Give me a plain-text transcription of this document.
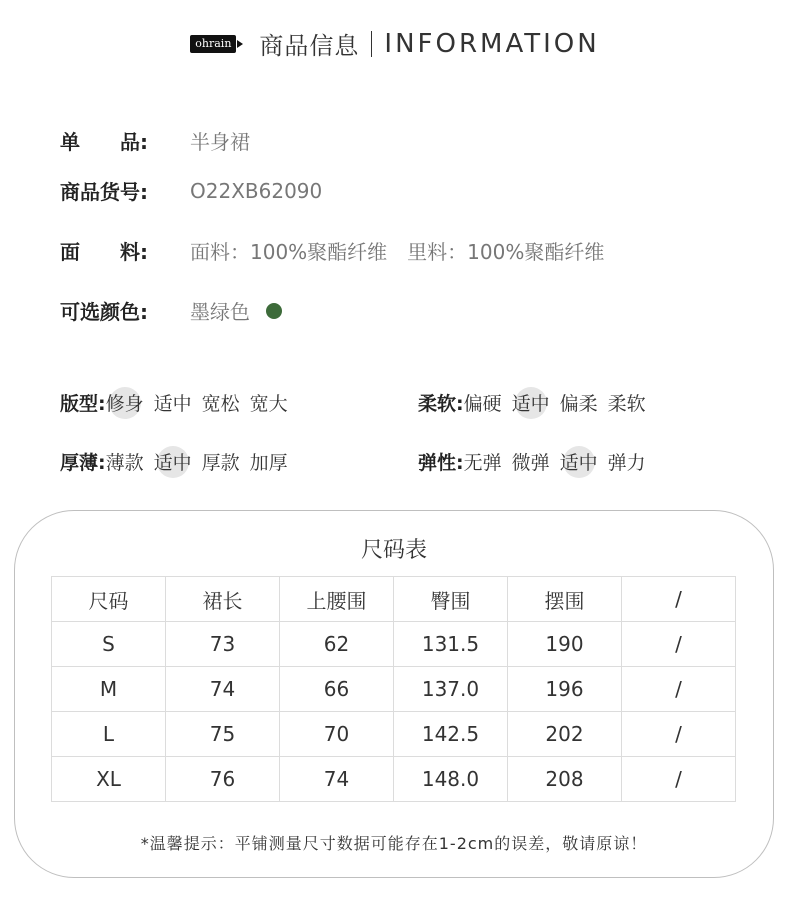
ohrain 商品信息 INFORMATION
单　　品:	半身裙
商品货号:	O22XB62090
面　　料:	面料：100%聚酯纤维　里料：100%聚酯纤维
可选颜色:	墨绿色
版型: 修身 适中 宽松 宽大	柔软: 偏硬 适中 偏柔 柔软
厚薄: 薄款 适中 厚款 加厚	弹性: 无弹 微弹 适中 弹力
尺码表
尺码	裙长	上腰围	臀围	摆围	/
S	73	62	131.5	190	/
M	74	66	137.0	196	/
L	75	70	142.5	202	/
XL	76	74	148.0	208	/
*温馨提示：平铺测量尺寸数据可能存在1-2cm的误差，敬请原谅！
